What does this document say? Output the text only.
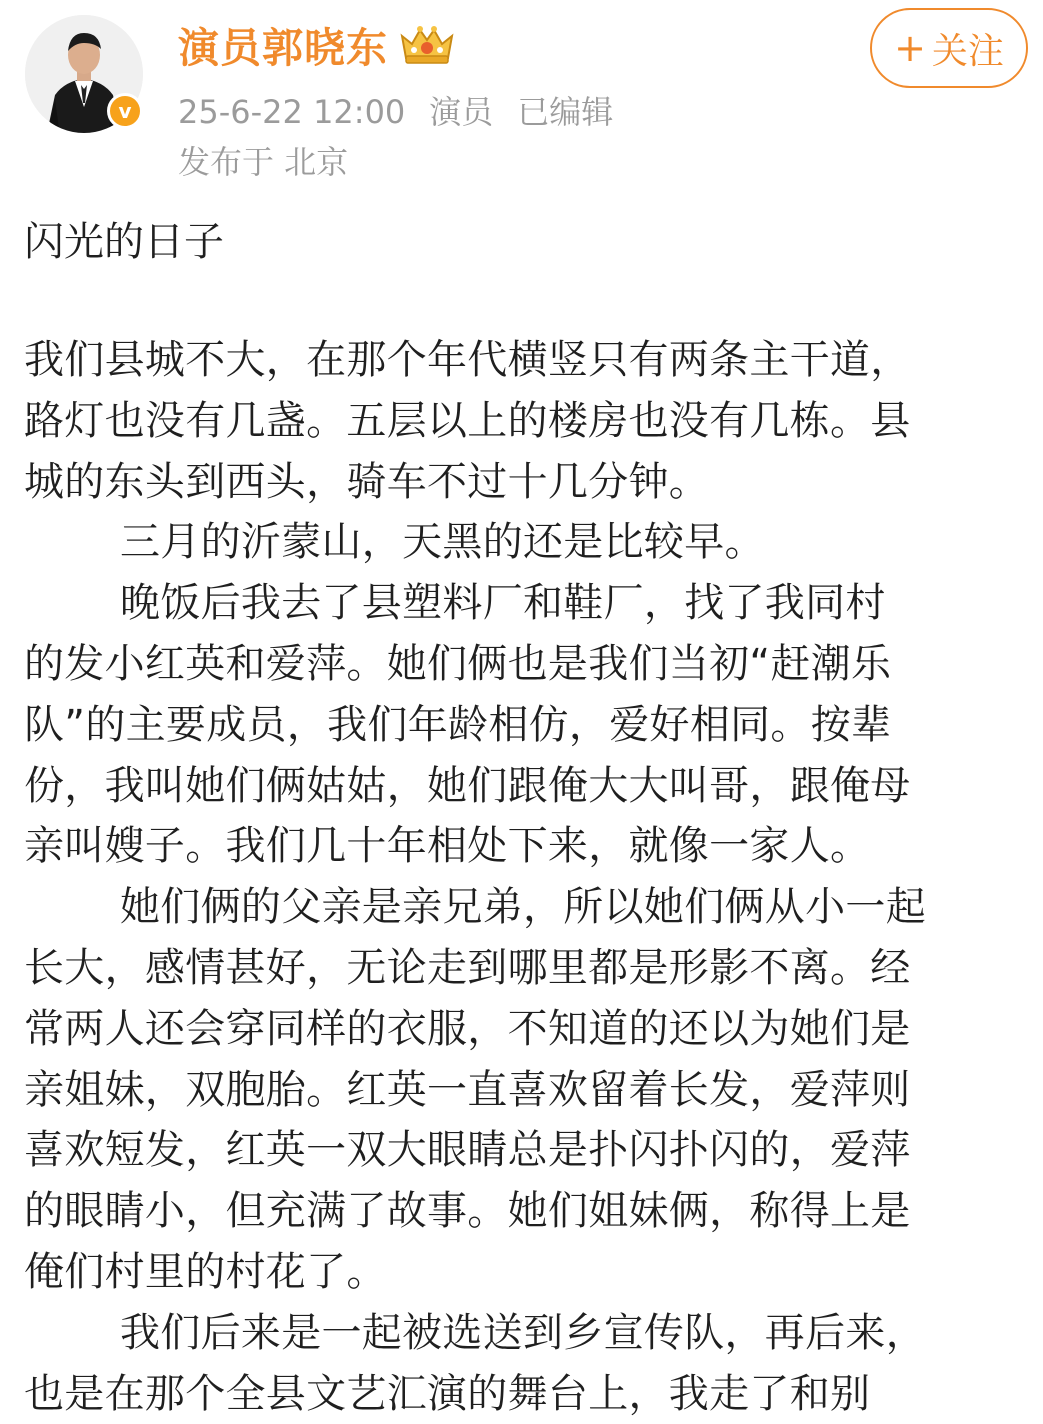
v
演员郭晓东
25-6-22 12:00 演员 已编辑
发布于 北京
+ 关注
闪光的日子
我们县城不大，在那个年代横竖只有两条主干道，
路灯也没有几盏。五层以上的楼房也没有几栋。县
城的东头到西头，骑车不过十几分钟。
三月的沂蒙山，天黑的还是比较早。
晚饭后我去了县塑料厂和鞋厂，找了我同村
的发小红英和爱萍。她们俩也是我们当初“赶潮乐
队”的主要成员，我们年龄相仿，爱好相同。按辈
份，我叫她们俩姑姑，她们跟俺大大叫哥，跟俺母
亲叫嫂子。我们几十年相处下来，就像一家人。
她们俩的父亲是亲兄弟，所以她们俩从小一起
长大，感情甚好，无论走到哪里都是形影不离。经
常两人还会穿同样的衣服，不知道的还以为她们是
亲姐妹，双胞胎。红英一直喜欢留着长发，爱萍则
喜欢短发，红英一双大眼睛总是扑闪扑闪的，爱萍
的眼睛小，但充满了故事。她们姐妹俩，称得上是
俺们村里的村花了。
我们后来是一起被选送到乡宣传队，再后来，
也是在那个全县文艺汇演的舞台上，我走了和别
